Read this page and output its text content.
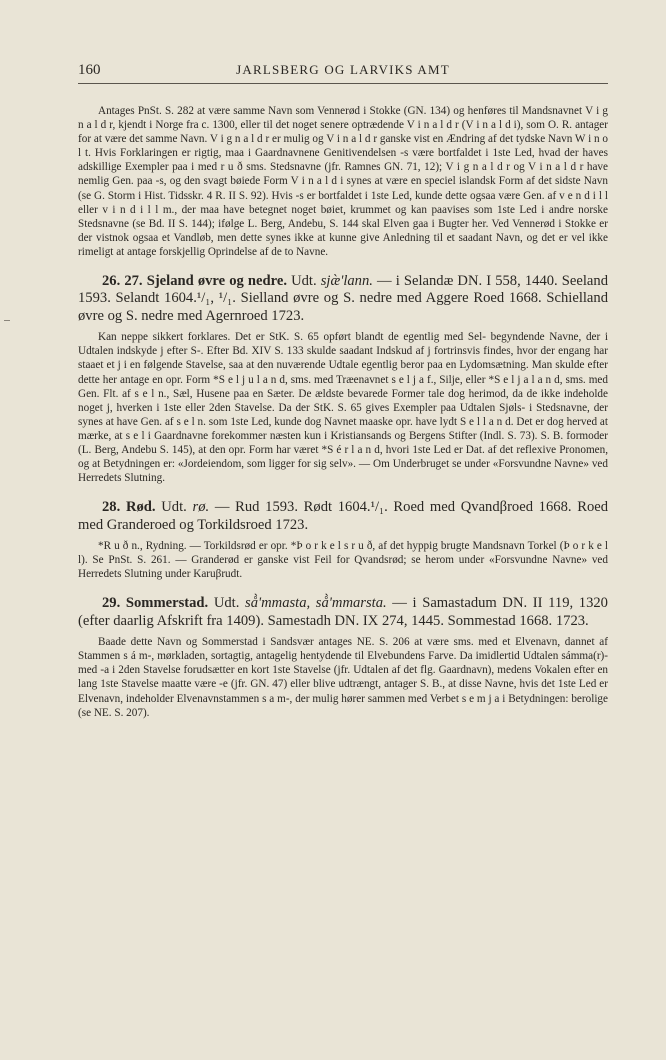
160	JARLSBERG OG LARVIKS AMT

Antages PnSt. S. 282 at være samme Navn som Vennerød i Stokke (GN. 134) og henføres til Mandsnavnet V i g n a l d r, kjendt i Norge fra c. 1300, eller til det noget senere optrædende V i n a l d r (V i n a l d i), som O. R. antager for at være det samme Navn. V i g n a l d r er mulig og V i n a l d r ganske vist en Ændring af det tydske Navn W i n o l t. Hvis Forklaringen er rigtig, maa i Gaardnavnene Genitivendelsen -s være bortfaldet i 1ste Led, hvad der haves adskillige Exempler paa i med r u ð sms. Stedsnavne (jfr. Ramnes GN. 71, 12); V i g n a l d r og V i n a l d r have nemlig Gen. paa -s, og den svagt bøiede Form V i n a l d i synes at være en speciel islandsk Form af det sidste Navn (se G. Storm i Hist. Tidsskr. 4 R. II S. 92). Hvis -s er bortfaldet i 1ste Led, kunde dette ogsaa være Gen. af v e n d i l l eller v i n d i l l m., der maa have betegnet noget bøiet, krummet og kan paavises som 1ste Led i andre norske Stedsnavne (se Bd. II S. 144); ifølge L. Berg, Andebu, S. 144 skal Elven gaa i Bugter her. Ved Vennerød i Stokke er der vistnok ogsaa et Vandløb, men dette synes ikke at kunne give Anledning til et saadant Navn, og det er vel ikke rimeligt at antage forskjellig Oprindelse af de to Navne.

26. 27. Sjeland øvre og nedre. Udt. sjæ̀'lann. — i Selandæ DN. I 558, 1440. Seeland 1593. Selandt 1604.¹/₁, ¹/₁. Sielland øvre og S. nedre med Aggere Roed 1668. Schielland øvre og S. nedre med Agernroed 1723.

Kan neppe sikkert forklares. Det er StK. S. 65 opført blandt de egentlig med Sel- begyndende Navne, der i Udtalen indskyde j efter S-. Efter Bd. XIV S. 133 skulde saadant Indskud af j fortrinsvis findes, hvor der engang har staaet et j i en følgende Stavelse, saa at den nuværende Udtale egentlig beror paa en Lydomsætning. Man skulde efter dette her antage en opr. Form *S e l j u l a n d, sms. med Træenavnet s e l j a f., Silje, eller *S e l j a l a n d, sms. med Gen. Flt. af s e l n., Sæl, Husene paa en Sæter. De ældste bevarede Former tale dog herimod, da de ikke indeholde noget j, hverken i 1ste eller 2den Stavelse. Da der StK. S. 65 gives Exempler paa Udtalen Sjøls- i Stedsnavne, der synes at have Gen. af s e l n. som 1ste Led, kunde dog Navnet maaske opr. have lydt S e l l a n d. Det er dog herved at mærke, at s e l i Gaardnavne forekommer næsten kun i Kristiansands og Bergens Stifter (Indl. S. 73). S. B. formoder (L. Berg, Andebu S. 145), at den opr. Form har været *S é r l a n d, hvori 1ste Led er Dat. af det reflexive Pronomen, og at Betydningen er: «Jordeiendom, som ligger for sig selv». — Om Underbruget se under «Forsvundne Navne» ved Herredets Slutning.

28. Rød. Udt. rø. — Rud 1593. Rødt 1604.¹/₁. Roed med Qvandβroed 1668. Roed med Granderoed og Torkildsroed 1723.

*R u ð n., Rydning. — Torkildsrød er opr. *Þ o r k e l s r u ð, af det hyppig brugte Mandsnavn Torkel (Þ o r k e l l). Se PnSt. S. 261. — Granderød er ganske vist Feil for Qvandsrød; se herom under «Forsvundne Navne» ved Herredets Slutning under Karuβrudt.

29. Sommerstad. Udt. så̀'mmasta, så̀'mmarsta. — i Samastadum DN. II 119, 1320 (efter daarlig Afskrift fra 1409). Samestadh DN. IX 274, 1445. Sommestad 1668. 1723.

Baade dette Navn og Sommerstad i Sandsvær antages NE. S. 206 at være sms. med et Elvenavn, dannet af Stammen s á m-, mørkladen, sortagtig, antagelig hentydende til Elvebundens Farve. Da imidlertid Udtalen sámma(r)-med -a i 2den Stavelse forudsætter en kort 1ste Stavelse (jfr. Udtalen af det flg. Gaardnavn), medens Vokalen efter en lang 1ste Stavelse maatte være -e (jfr. GN. 47) eller blive udtrængt, antager S. B., at disse Navne, hvis det 1ste Led er Elvenavn, indeholder Elvenavnstammen s a m-, der mulig hører sammen med Verbet s e m j a i Betydningen: berolige (se NE. S. 207).
